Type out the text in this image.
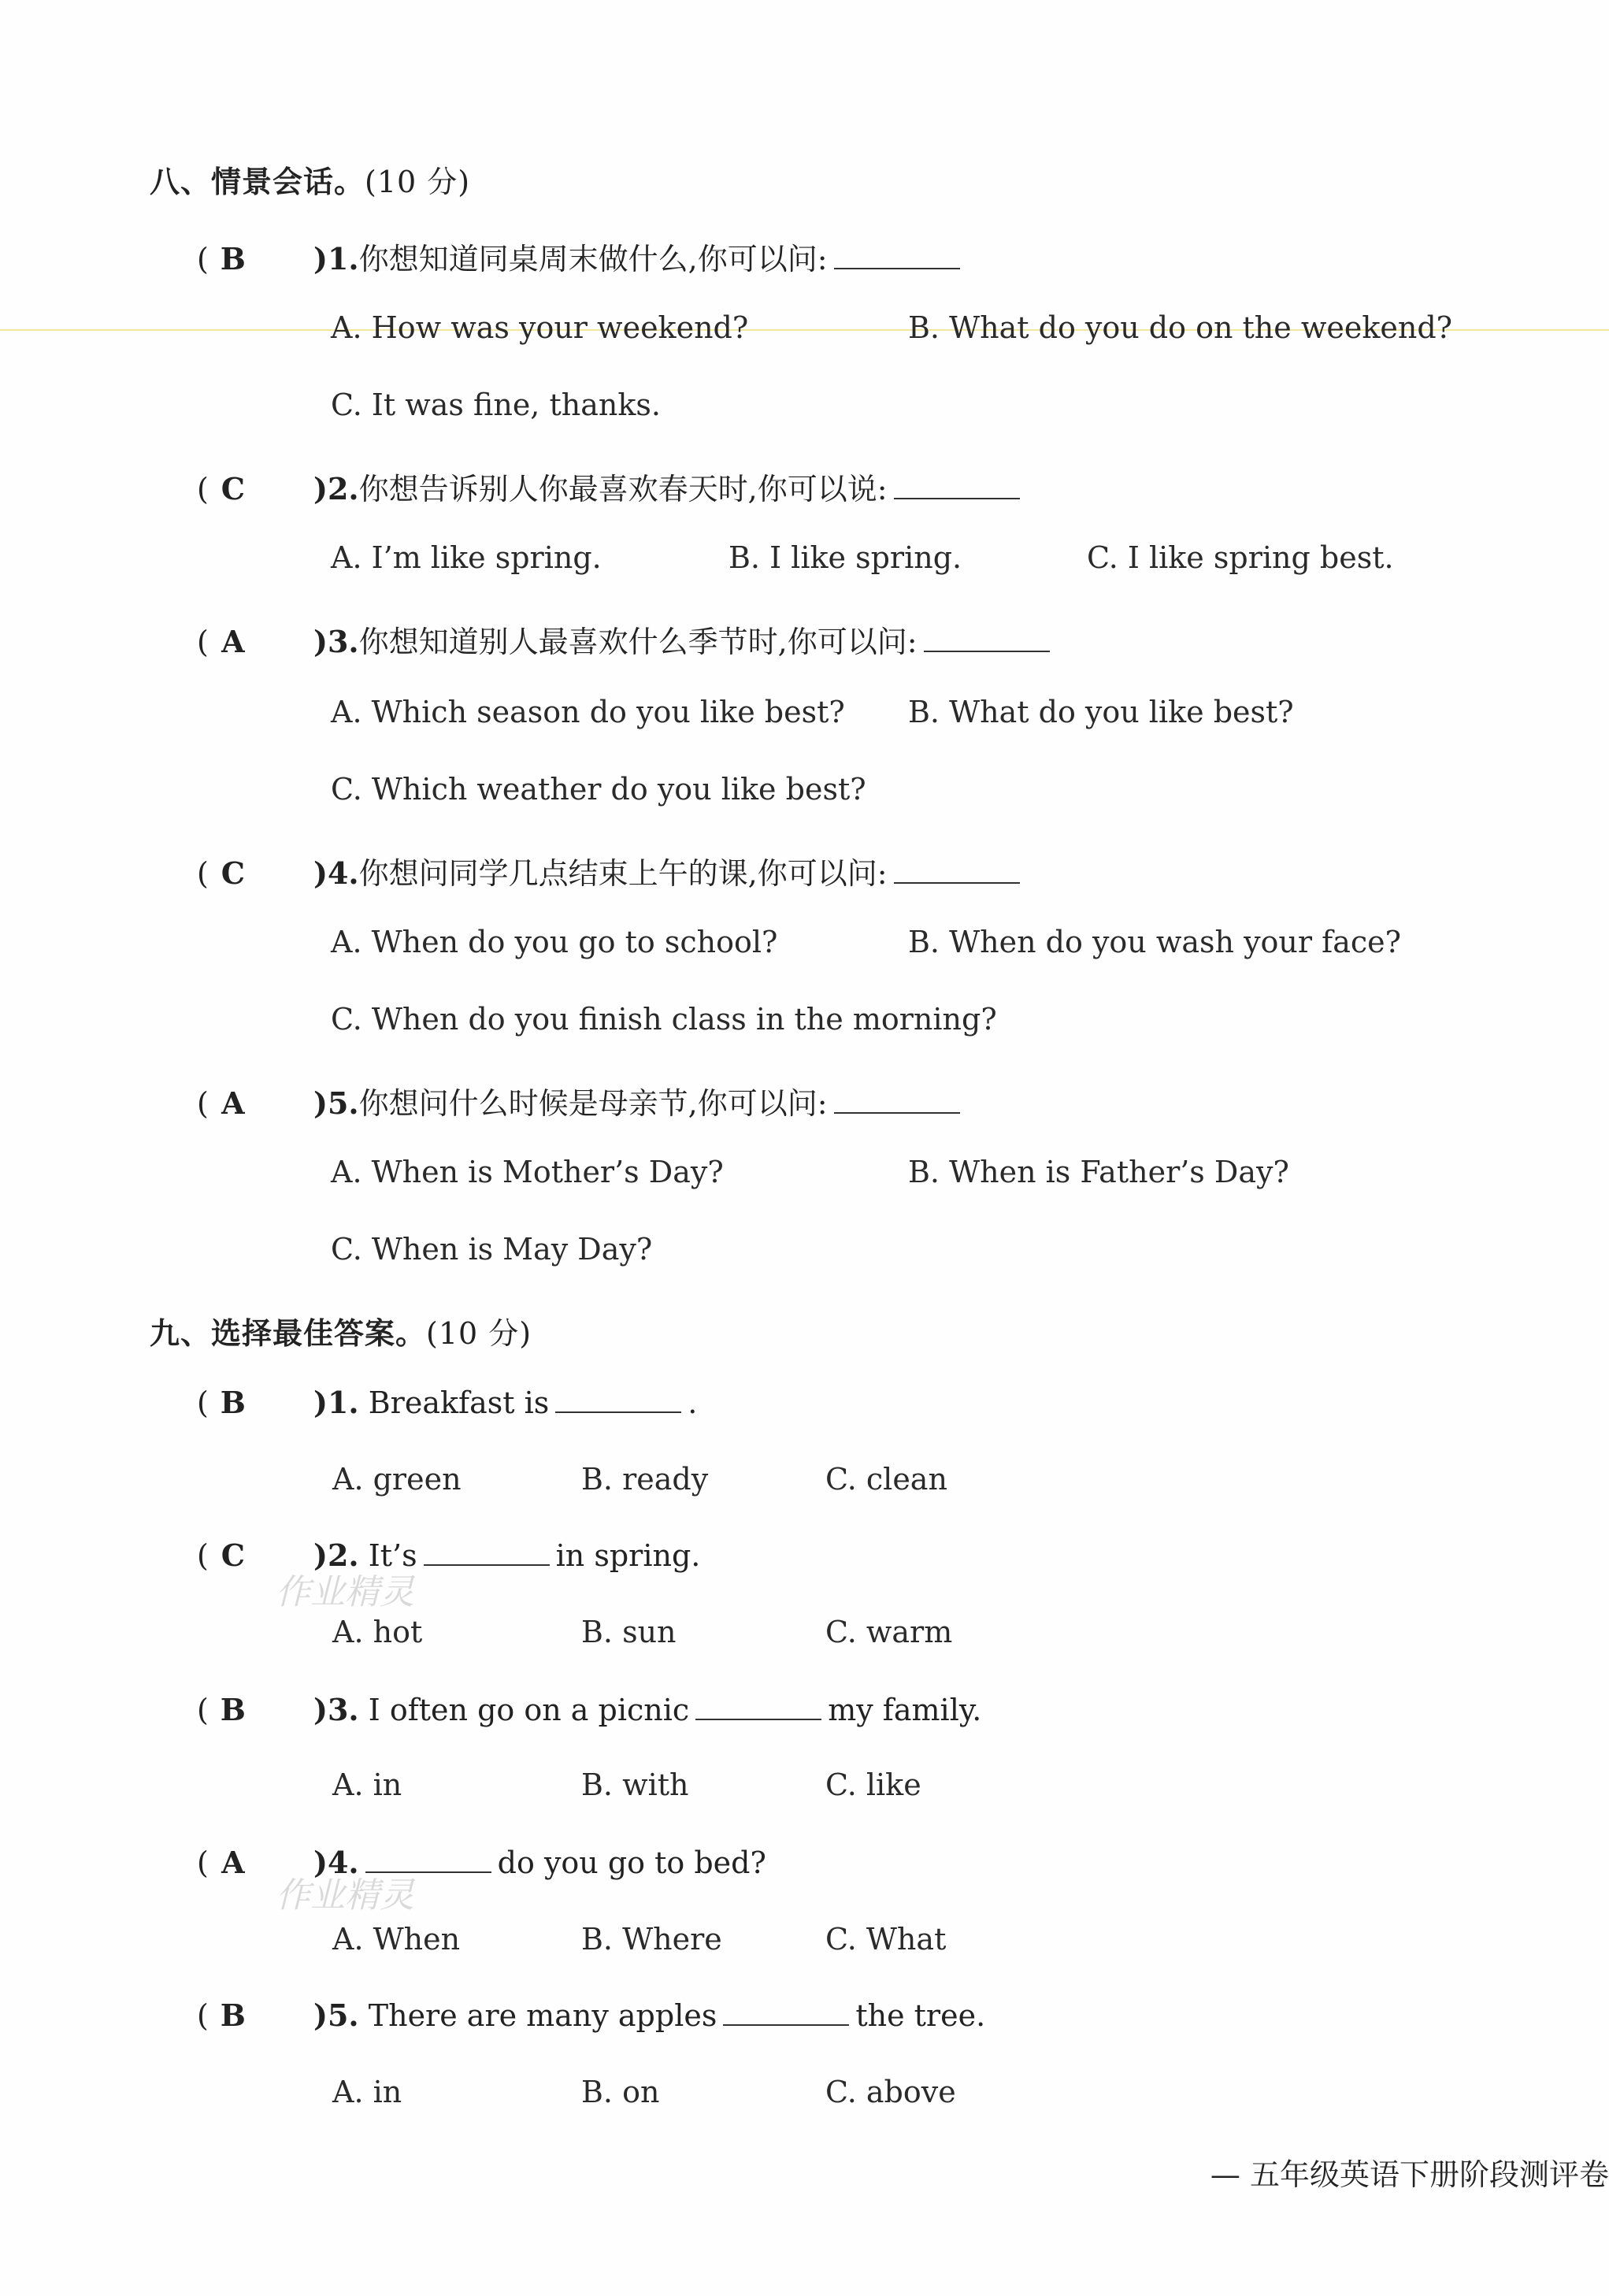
八、情景会话。(10 分)
( B )1.你想知道同桌周末做什么,你可以问:
A. How was your weekend?	B. What do you do on the weekend?
C. It was fine, thanks.
( C )2.你想告诉别人你最喜欢春天时,你可以说:
A. I’m like spring.	B. I like spring.	C. I like spring best.
( A )3.你想知道别人最喜欢什么季节时,你可以问:
A. Which season do you like best? B. What do you like best?
C. Which weather do you like best?
( C )4.你想问同学几点结束上午的课,你可以问:
A. When do you go to school?	B. When do you wash your face?
C. When do you finish class in the morning?
( A )5.你想问什么时候是母亲节,你可以问:
A. When is Mother’s Day?	B. When is Father’s Day?
C. When is May Day?
九、选择最佳答案。(10 分)
( B )1. Breakfast is	.
A. green	B. ready	C. clean
( C )2. It’s	in spring.
A. hot	B. sun	C. warm
( B )3. I often go on a picnic	my family.
A. in	B. with	C. like
( A )4.	do you go to bed?
A. When	B. Where	C. What
( B )5. There are many apples	the tree.
A. in	B. on	C. above
作业精灵
作业精灵
— 五年级英语下册阶段测评卷
